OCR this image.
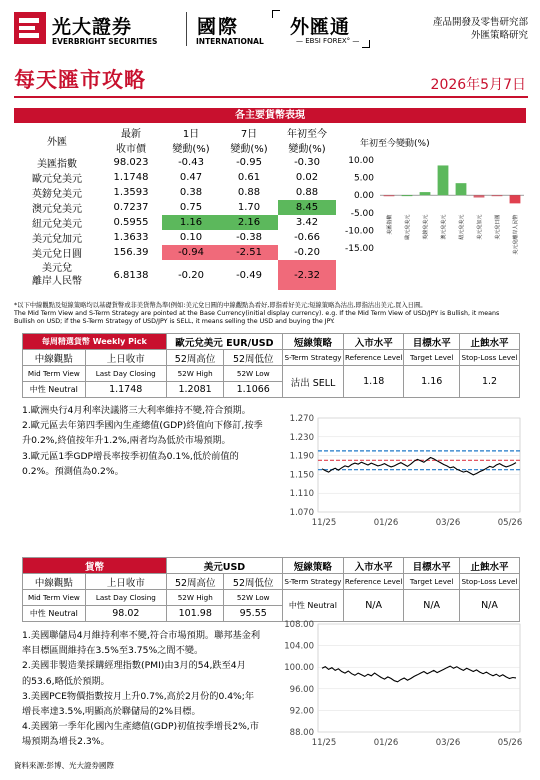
光大證券
EVERBRIGHT SECURITIES
國際
INTERNATIONAL
外匯通
— EBSI FOREX° —
產品開發及零售研究部
外匯策略研究
每天匯市攻略	2026年5月7日
各主要貨幣表現
外匯	最新	1日	7日	年初至今
	收市價	變動(%)	變動(%)	變動(%)
美匯指數	98.023	-0.43	-0.95	-0.30
歐元兌美元	1.1748	0.47	0.61	0.02
英鎊兌美元	1.3593	0.38	0.88	0.88
澳元兌美元	0.7237	0.75	1.70	8.45
紐元兌美元	0.5955	1.16	2.16	3.42
美元兌加元	1.3633	0.10	-0.38	-0.66
美元兌日圓	156.39	-0.94	-2.51	-0.20

美元兌
離岸人民幣	6.8138	-0.20	-0.49	-2.32
年初至今變動(%)
10.00
5.00
0.00
-5.00
-10.00
-15.00
美匯指數 歐元兌美元 英鎊兌美元 澳元兌美元 紐元兌美元 美元兌加元 美元兌日圓 美元兌離岸人民幣
*以下中線觀點及短線策略均以基礎貨幣或非美貨幣為準(例如:美元兌日圓的中線觀點為看好,即指看好美元;短線策略為沽出,即指沽出美元,買入日圓。
The Mid Term View and S-Term Strategy are pointed at the Base Currency(initial display currency). e.g. If the Mid Term View of USD/JPY is Bullish, it means
Bullish on USD; if the S-Term Strategy of USD/JPY is SELL, it means selling the USD and buying the JPY.
每周精選貨幣 Weekly Pick		歐元兌美元 EUR/USD		短線策略	入市水平	目標水平	止蝕水平
中線觀點	上日收市	52周高位	52周低位	S-Term Strategy	Reference Level	Target Level	Stop-Loss Level
Mid Term View	Last Day Closing	52W High	52W Low	沽出 SELL	1.18	1.16	1.2
中性 Neutral	1.1748	1.2081	1.1066				

1.歐洲央行4月利率決議將三大利率維持不變,符合預期。

2.歐元區去年第四季國內生產總值(GDP)終值向下修訂,按季

升0.2%,終值按年升1.2%,兩者均為低於市場預期。

3.歐元區1季GDP增長率按季初值為0.1%,低於前值的

0.2%。預測值為0.2%。

1.270
1.230
1.190
1.150
1.110
1.070
11/25	01/26	03/26	05/26
貨幣		美元USD		短線策略	入市水平	目標水平	止蝕水平
中線觀點	上日收市	52周高位	52周低位	S-Term Strategy	Reference Level	Target Level	Stop-Loss Level
Mid Term View	Last Day Closing	52W High	52W Low	中性 Neutral	N/A	N/A	N/A
中性 Neutral	98.02	101.98	95.55				

1.美國聯儲局4月維持利率不變,符合市場預期。聯邦基金利

率目標區間維持在3.5%至3.75%之間不變。

2.美國非製造業採購經理指數(PMI)由3月的54,跌至4月

的53.6,略低於預期。

3.美國PCE物價指數按月上升0.7%,高於2月份的0.4%;年

增長率達3.5%,明顯高於聯儲局的2%目標。

4.美國第一季年化國內生產總值(GDP)初值按季增長2%,市

場預期為增長2.3%。

108.00
104.00
100.00
96.00
92.00
88.00
11/25	01/26	03/26	05/26
資料來源:彭博、光大證券國際
